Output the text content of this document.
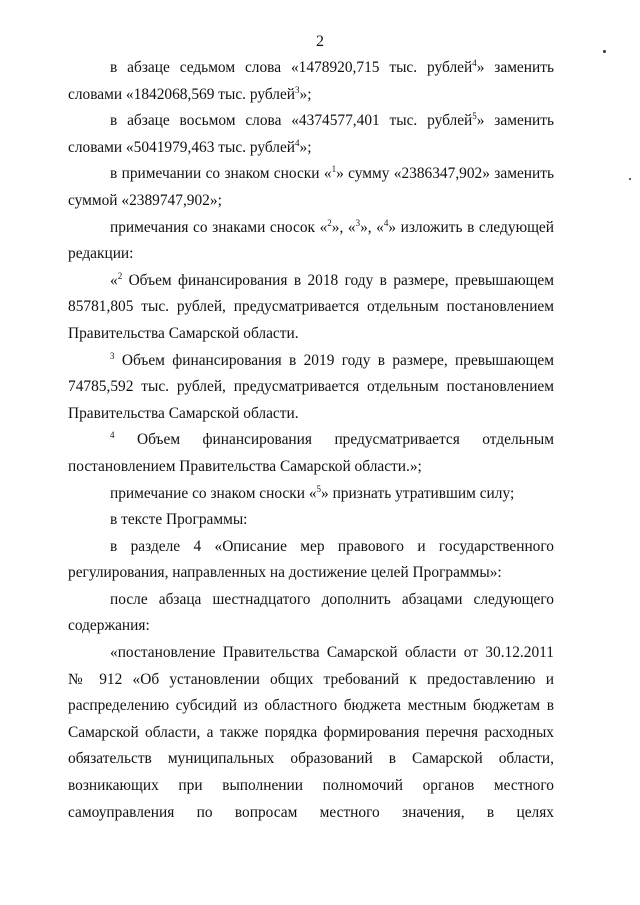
2

в абзаце седьмом слова «1478920,715 тыс. рублей$^4$» заменить словами «1842068,569 тыс. рублей$^3$»;

в абзаце восьмом слова «4374577,401 тыс. рублей$^5$» заменить словами «5041979,463 тыс. рублей$^4$»;

в примечании со знаком сноски «$^1$» сумму «2386347,902» заменить суммой «2389747,902»;

примечания со знаками сносок «$^2$», «$^3$», «$^4$» изложить в следующей редакции:

«$^2$ Объем финансирования в 2018 году в размере, превышающем 85781,805 тыс. рублей, предусматривается отдельным постановлением Правительства Самарской области.

$^3$ Объем финансирования в 2019 году в размере, превышающем 74785,592 тыс. рублей, предусматривается отдельным постановлением Правительства Самарской области.

$^4$ Объем финансирования предусматривается отдельным постановлением Правительства Самарской области.»;

примечание со знаком сноски «$^5$» признать утратившим силу;

в тексте Программы:

в разделе 4 «Описание мер правового и государственного регулирования, направленных на достижение целей Программы»:

после абзаца шестнадцатого дополнить абзацами следующего содержания:

«постановление Правительства Самарской области от 30.12.2011 № 912 «Об установлении общих требований к предоставлению и распределению субсидий из областного бюджета местным бюджетам в Самарской области, а также порядка формирования перечня расходных обязательств муниципальных образований в Самарской области, возникающих при выполнении полномочий органов местного самоуправления по вопросам местного значения, в целях
